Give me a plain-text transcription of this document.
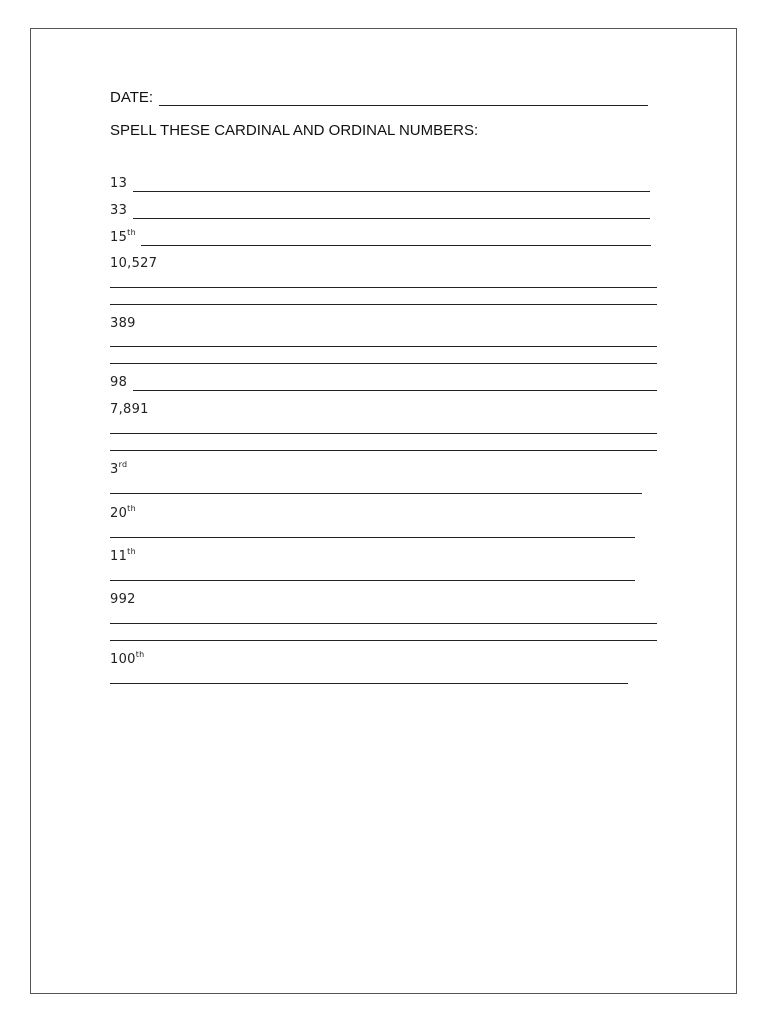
DATE:
SPELL THESE CARDINAL AND ORDINAL NUMBERS:
13
33
15th
10,527
389
98
7,891
3rd
20th
11th
992
100th
